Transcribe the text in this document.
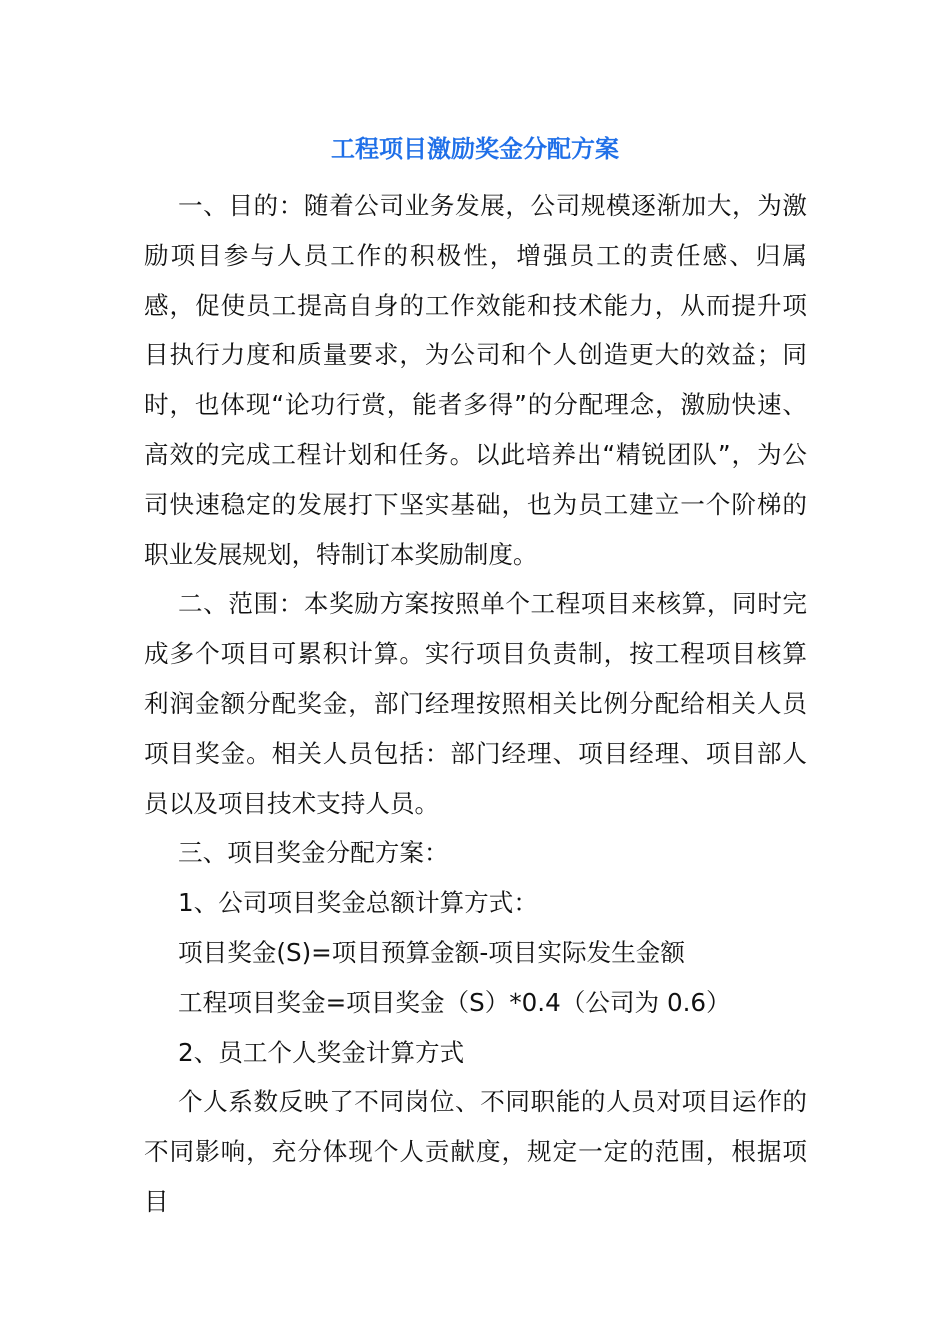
工程项目激励奖金分配方案

一、目的：随着公司业务发展，公司规模逐渐加大，为激励项目参与人员工作的积极性，增强员工的责任感、归属感，促使员工提高自身的工作效能和技术能力，从而提升项目执行力度和质量要求，为公司和个人创造更大的效益；同时，也体现“论功行赏，能者多得”的分配理念，激励快速、高效的完成工程计划和任务。以此培养出“精锐团队”，为公司快速稳定的发展打下坚实基础，也为员工建立一个阶梯的职业发展规划，特制订本奖励制度。

二、范围：本奖励方案按照单个工程项目来核算，同时完成多个项目可累积计算。实行项目负责制，按工程项目核算利润金额分配奖金，部门经理按照相关比例分配给相关人员项目奖金。相关人员包括：部门经理、项目经理、项目部人员以及项目技术支持人员。

三、项目奖金分配方案：

1、公司项目奖金总额计算方式：

项目奖金(S)=项目预算金额-项目实际发生金额

工程项目奖金=项目奖金（S）*0.4（公司为 0.6）

2、员工个人奖金计算方式

个人系数反映了不同岗位、不同职能的人员对项目运作的不同影响，充分体现个人贡献度，规定一定的范围，根据项目
